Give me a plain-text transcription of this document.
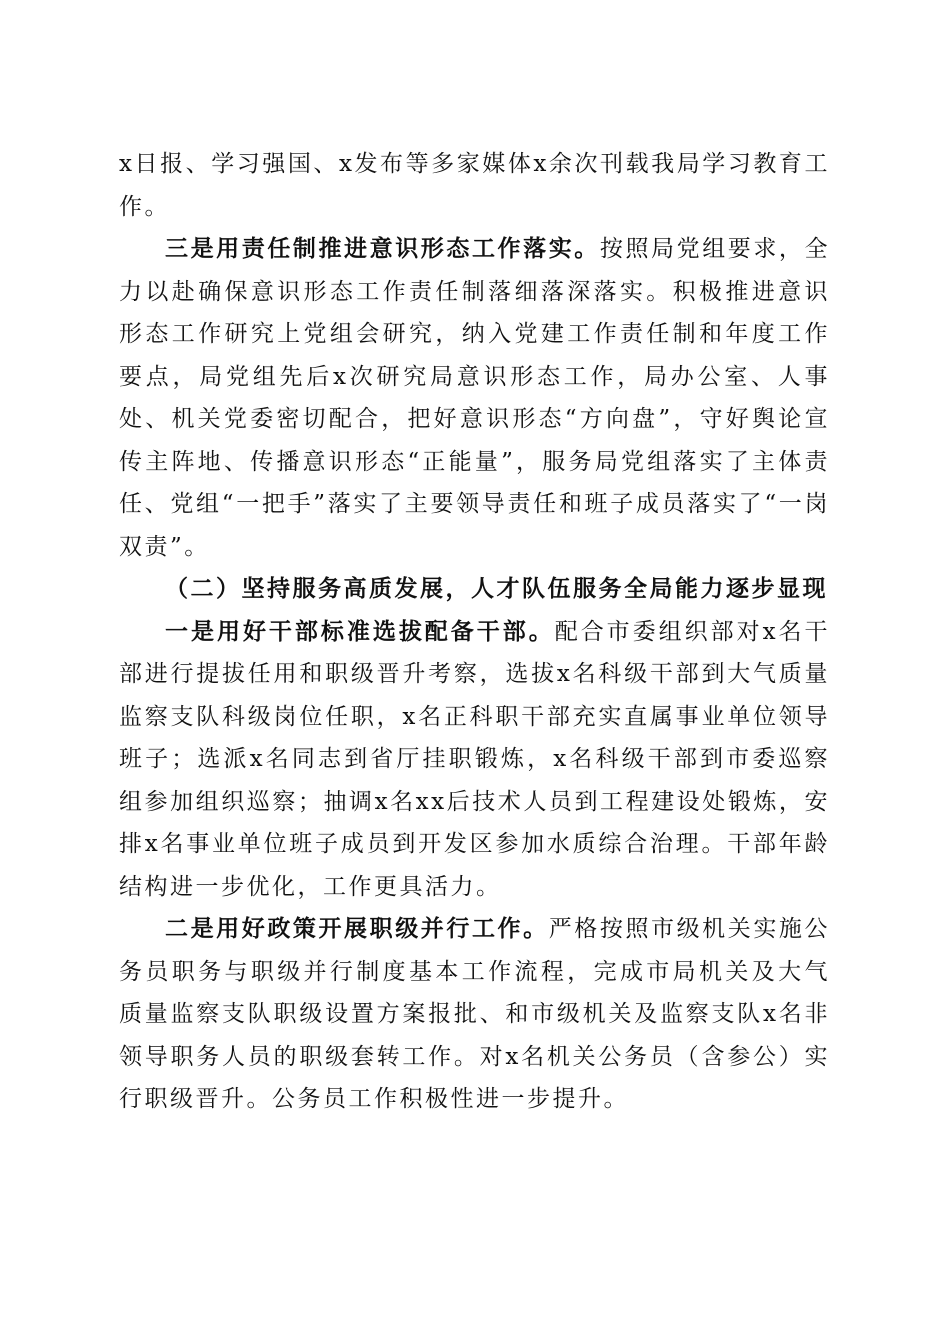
x日报、学习强国、x发布等多家媒体x余次刊载我局学习教育工作。

三是用责任制推进意识形态工作落实。按照局党组要求，全力以赴确保意识形态工作责任制落细落深落实。积极推进意识形态工作研究上党组会研究，纳入党建工作责任制和年度工作要点，局党组先后x次研究局意识形态工作，局办公室、人事处、机关党委密切配合，把好意识形态“方向盘”，守好舆论宣传主阵地、传播意识形态“正能量”，服务局党组落实了主体责任、党组“一把手”落实了主要领导责任和班子成员落实了“一岗双责”。

（二）坚持服务高质发展，人才队伍服务全局能力逐步显现

一是用好干部标准选拔配备干部。配合市委组织部对x名干部进行提拔任用和职级晋升考察，选拔x名科级干部到大气质量监察支队科级岗位任职，x名正科职干部充实直属事业单位领导班子；选派x名同志到省厅挂职锻炼，x名科级干部到市委巡察组参加组织巡察；抽调x名xx后技术人员到工程建设处锻炼，安排x名事业单位班子成员到开发区参加水质综合治理。干部年龄结构进一步优化，工作更具活力。

二是用好政策开展职级并行工作。严格按照市级机关实施公务员职务与职级并行制度基本工作流程，完成市局机关及大气质量监察支队职级设置方案报批、和市级机关及监察支队x名非领导职务人员的职级套转工作。对x名机关公务员（含参公）实行职级晋升。公务员工作积极性进一步提升。
